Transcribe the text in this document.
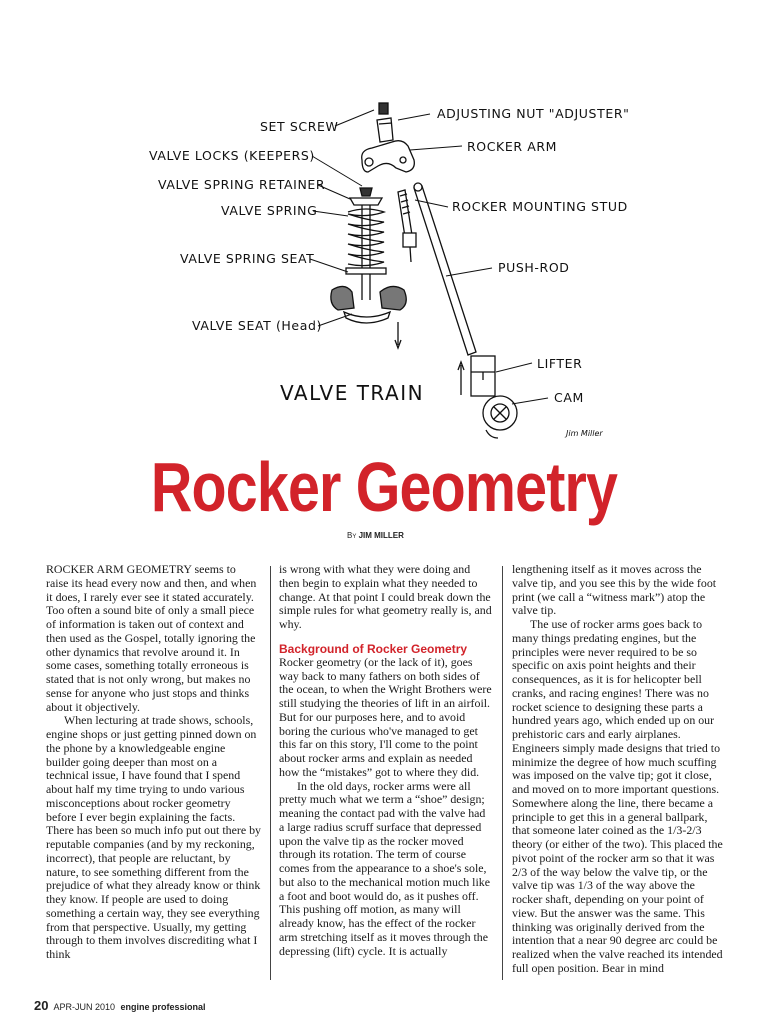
SET SCREW
ADJUSTING NUT "ADJUSTER"
ROCKER ARM
VALVE LOCKS (KEEPERS)
VALVE SPRING RETAINER
ROCKER MOUNTING STUD
VALVE SPRING
VALVE SPRING SEAT
PUSH-ROD
VALVE SEAT (Head)
LIFTER
CAM
VALVE TRAIN
Jim Miller
Rocker Geometry
By JIM MILLER

ROCKER ARM GEOMETRY seems to raise its head every now and then, and when it does, I rarely ever see it stated accurately. Too often a sound bite of only a small piece of information is taken out of context and then used as the Gospel, totally ignoring the other dynamics that revolve around it. In some cases, something totally erroneous is stated that is not only wrong, but makes no sense for anyone who just stops and thinks about it objectively.

When lecturing at trade shows, schools, engine shops or just getting pinned down on the phone by a knowledgeable engine builder going deeper than most on a technical issue, I have found that I spend about half my time trying to undo various misconceptions about rocker geometry before I ever begin explaining the facts. There has been so much info put out there by reputable companies (and by my reckoning, incorrect), that people are reluctant, by nature, to see something different from the prejudice of what they already know or think they know. If people are used to doing something a certain way, they see everything from that perspective. Usually, my getting through to them involves discrediting what I think

is wrong with what they were doing and then begin to explain what they needed to change. At that point I could break down the simple rules for what geometry really is, and why.

Background of Rocker Geometry

Rocker geometry (or the lack of it), goes way back to many fathers on both sides of the ocean, to when the Wright Brothers were still studying the theories of lift in an airfoil. But for our purposes here, and to avoid boring the curious who've managed to get this far on this story, I'll come to the point about rocker arms and explain as needed how the “mistakes” got to where they did.

In the old days, rocker arms were all pretty much what we term a “shoe” design; meaning the contact pad with the valve had a large radius scruff surface that depressed upon the valve tip as the rocker moved through its rotation. The term of course comes from the appearance to a shoe's sole, but also to the mechanical motion much like a foot and boot would do, as it pushes off. This pushing off motion, as many will already know, has the effect of the rocker arm stretching itself as it moves through the depressing (lift) cycle. It is actually

lengthening itself as it moves across the valve tip, and you see this by the wide foot print (we call a “witness mark”) atop the valve tip.

The use of rocker arms goes back to many things predating engines, but the principles were never required to be so specific on axis point heights and their consequences, as it is for helicopter bell cranks, and racing engines! There was no rocket science to designing these parts a hundred years ago, which ended up on our prehistoric cars and early airplanes. Engineers simply made designs that tried to minimize the degree of how much scuffing was imposed on the valve tip; got it close, and moved on to more important questions. Somewhere along the line, there became a principle to get this in a general ballpark, that someone later coined as the 1/3-2/3 theory (or either of the two). This placed the pivot point of the rocker arm so that it was 2/3 of the way below the valve tip, or the valve tip was 1/3 of the way above the rocker shaft, depending on your point of view. But the answer was the same. This thinking was originally derived from the intention that a near 90 degree arc could be realized when the valve reached its intended full open position. Bear in mind

20 APR-JUN 2010 engine professional
